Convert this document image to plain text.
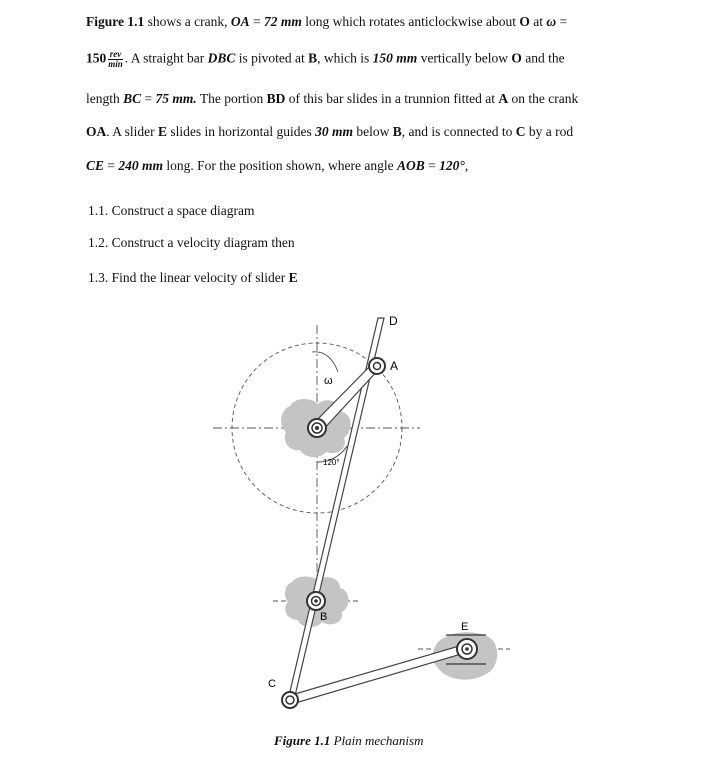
Figure 1.1 shows a crank, OA = 72 mm long which rotates anticlockwise about O at ω =
$150 \frac{\text{rev}}{\min}$ . A straight bar DBC is pivoted at B, which is 150 mm vertically below O and the
length BC = 75 mm. The portion BD of this bar slides in a trunnion fitted at A on the crank
OA. A slider E slides in horizontal guides 30 mm below B, and is connected to C by a rod
CE = 240 mm long. For the position shown, where angle AOB = 120°,
1.1. Construct a space diagram
1.2. Construct a velocity diagram then
1.3. Find the linear velocity of slider E
D
A
ω
120°
B
E
C
Figure 1.1 Plain mechanism
